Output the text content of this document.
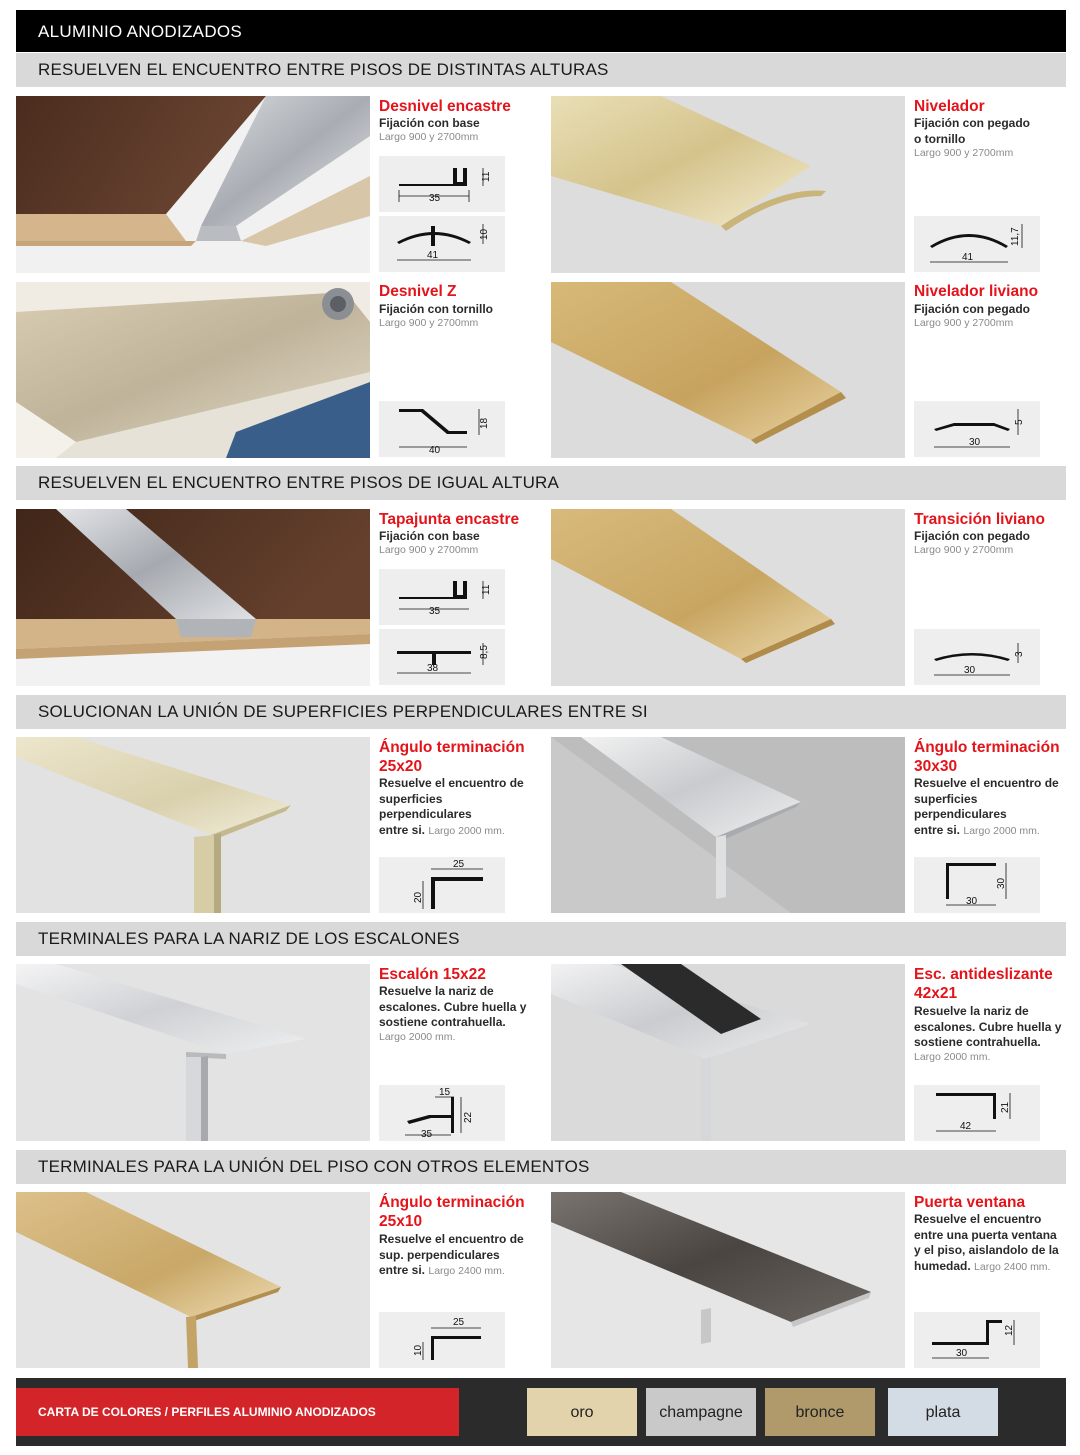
ALUMINIO ANODIZADOS
RESUELVEN EL ENCUENTRO ENTRE PISOS DE DISTINTAS ALTURAS
RESUELVEN EL ENCUENTRO ENTRE PISOS DE IGUAL ALTURA
SOLUCIONAN LA UNIÓN DE SUPERFICIES PERPENDICULARES ENTRE SI
TERMINALES PARA LA NARIZ DE LOS ESCALONES
TERMINALES PARA LA UNIÓN DEL PISO CON OTROS ELEMENTOS
Desnivel encastre
Fijación con base
Largo 900 y 2700mm
35
11
41
10
Nivelador
Fijación con pegado
o tornillo
Largo 900 y 2700mm
41
11,7
Desnivel Z
Fijación con tornillo
Largo 900 y 2700mm
40
18
Nivelador liviano
Fijación con pegado
Largo 900 y 2700mm
30
5
Tapajunta encastre
Fijación con base
Largo 900 y 2700mm
35
11
38
8,5
Transición liviano
Fijación con pegado
Largo 900 y 2700mm
30
3
Ángulo terminación
25x20
Resuelve el encuentro de
superficies
perpendiculares
entre si. Largo 2000 mm.
25
20
Ángulo terminación
30x30
Resuelve el encuentro de
superficies
perpendiculares
entre si. Largo 2000 mm.
30
30
Escalón 15x22
Resuelve la nariz de
escalones. Cubre huella y
sostiene contrahuella.
Largo 2000 mm.
15
22
35
Esc. antideslizante
42x21
Resuelve la nariz de
escalones. Cubre huella y
sostiene contrahuella.
Largo 2000 mm.
42
21
Ángulo terminación
25x10
Resuelve el encuentro de
sup. perpendiculares
entre si. Largo 2400 mm.
25
10
Puerta ventana
Resuelve el encuentro
entre una puerta ventana
y el piso, aislandolo de la
humedad. Largo 2400 mm.
30
12
CARTA DE COLORES / PERFILES ALUMINIO ANODIZADOS	oro	champagne	bronce	plata
